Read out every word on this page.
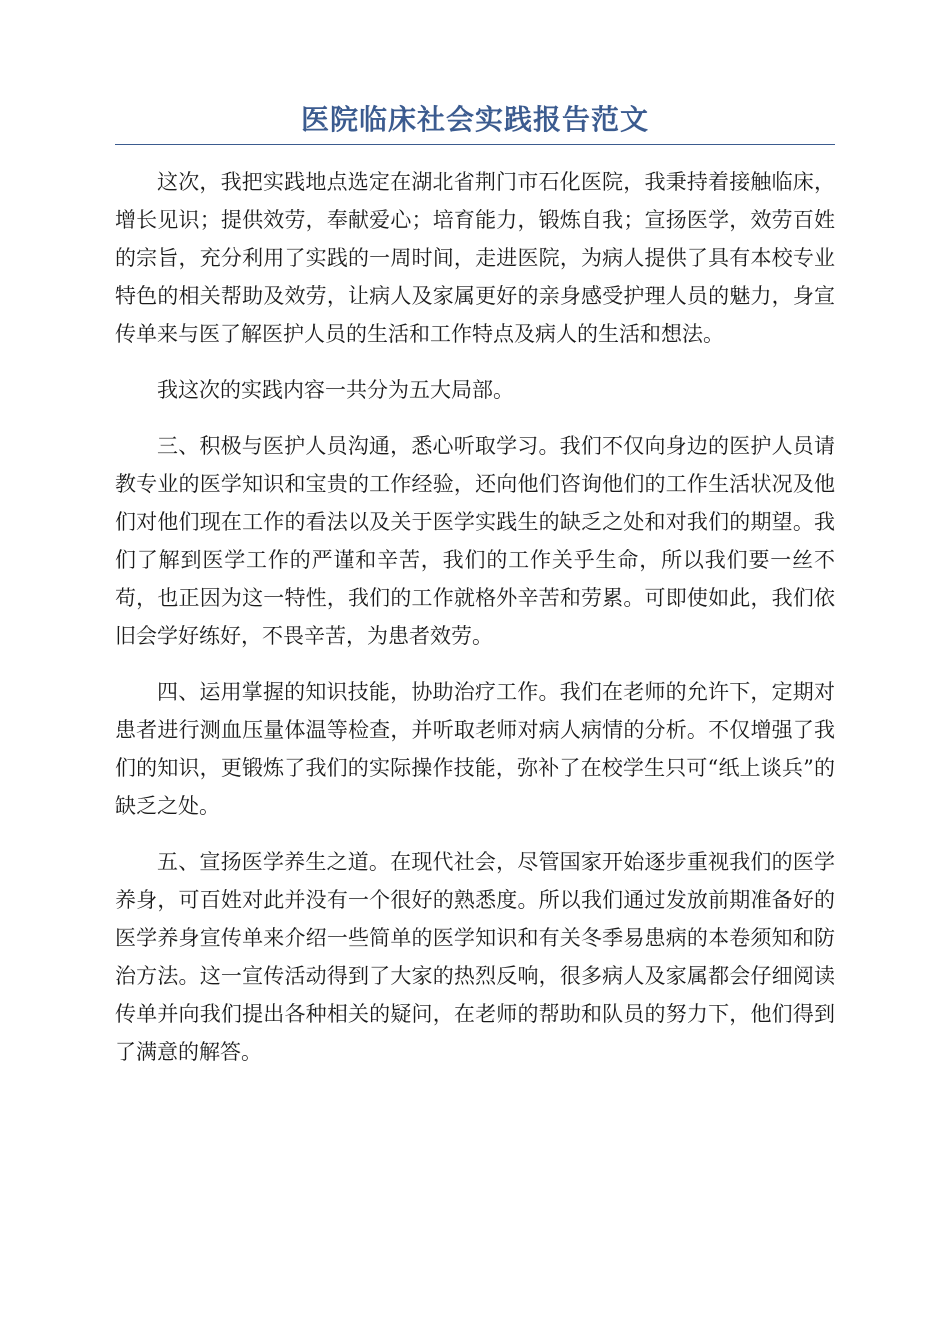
医院临床社会实践报告范文

这次，我把实践地点选定在湖北省荆门市石化医院，我秉持着接触临床，增长见识；提供效劳，奉献爱心；培育能力，锻炼自我；宣扬医学，效劳百姓的宗旨，充分利用了实践的一周时间，走进医院，为病人提供了具有本校专业特色的相关帮助及效劳，让病人及家属更好的亲身感受护理人员的魅力，身宣传单来与医了解医护人员的生活和工作特点及病人的生活和想法。

我这次的实践内容一共分为五大局部。

三、积极与医护人员沟通，悉心听取学习。我们不仅向身边的医护人员请教专业的医学知识和宝贵的工作经验，还向他们咨询他们的工作生活状况及他们对他们现在工作的看法以及关于医学实践生的缺乏之处和对我们的期望。我们了解到医学工作的严谨和辛苦，我们的工作关乎生命，所以我们要一丝不苟，也正因为这一特性，我们的工作就格外辛苦和劳累。可即使如此，我们依旧会学好练好，不畏辛苦，为患者效劳。

四、运用掌握的知识技能，协助治疗工作。我们在老师的允许下，定期对患者进行测血压量体温等检查，并听取老师对病人病情的分析。不仅增强了我们的知识，更锻炼了我们的实际操作技能，弥补了在校学生只可“纸上谈兵”的缺乏之处。

五、宣扬医学养生之道。在现代社会，尽管国家开始逐步重视我们的医学养身，可百姓对此并没有一个很好的熟悉度。所以我们通过发放前期准备好的医学养身宣传单来介绍一些简单的医学知识和有关冬季易患病的本卷须知和防治方法。这一宣传活动得到了大家的热烈反响，很多病人及家属都会仔细阅读传单并向我们提出各种相关的疑问，在老师的帮助和队员的努力下，他们得到了满意的解答。
